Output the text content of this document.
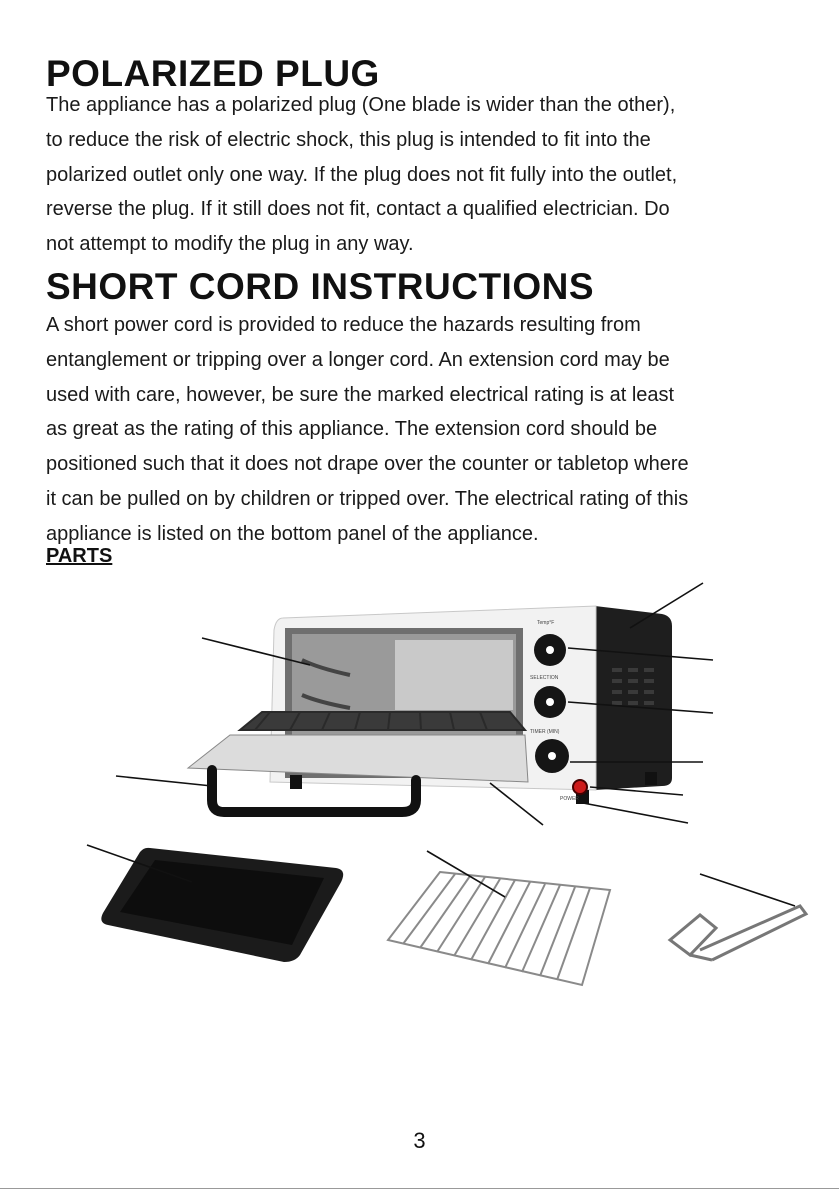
POLARIZED PLUG
The appliance has a polarized plug (One blade is wider than the other),
to reduce the risk of electric shock, this plug is intended to fit into the
polarized outlet only one way. If the plug does not fit fully into the outlet,
reverse the plug. If it still does not fit, contact a qualified electrician. Do
not attempt to modify the plug in any way.
SHORT CORD INSTRUCTIONS
A short power cord is provided to reduce the hazards resulting from
entanglement or tripping over a longer cord. An extension cord may be
used with care, however, be sure the marked electrical rating is at least
as great as the rating of this appliance. The extension cord should be
positioned such that it does not drape over the counter or tabletop where
it can be pulled on by children or tripped over. The electrical rating of this
appliance is listed on the bottom panel of the appliance.
PARTS
Temp°F
SELECTION
TIMER (MIN)
POWER
3
